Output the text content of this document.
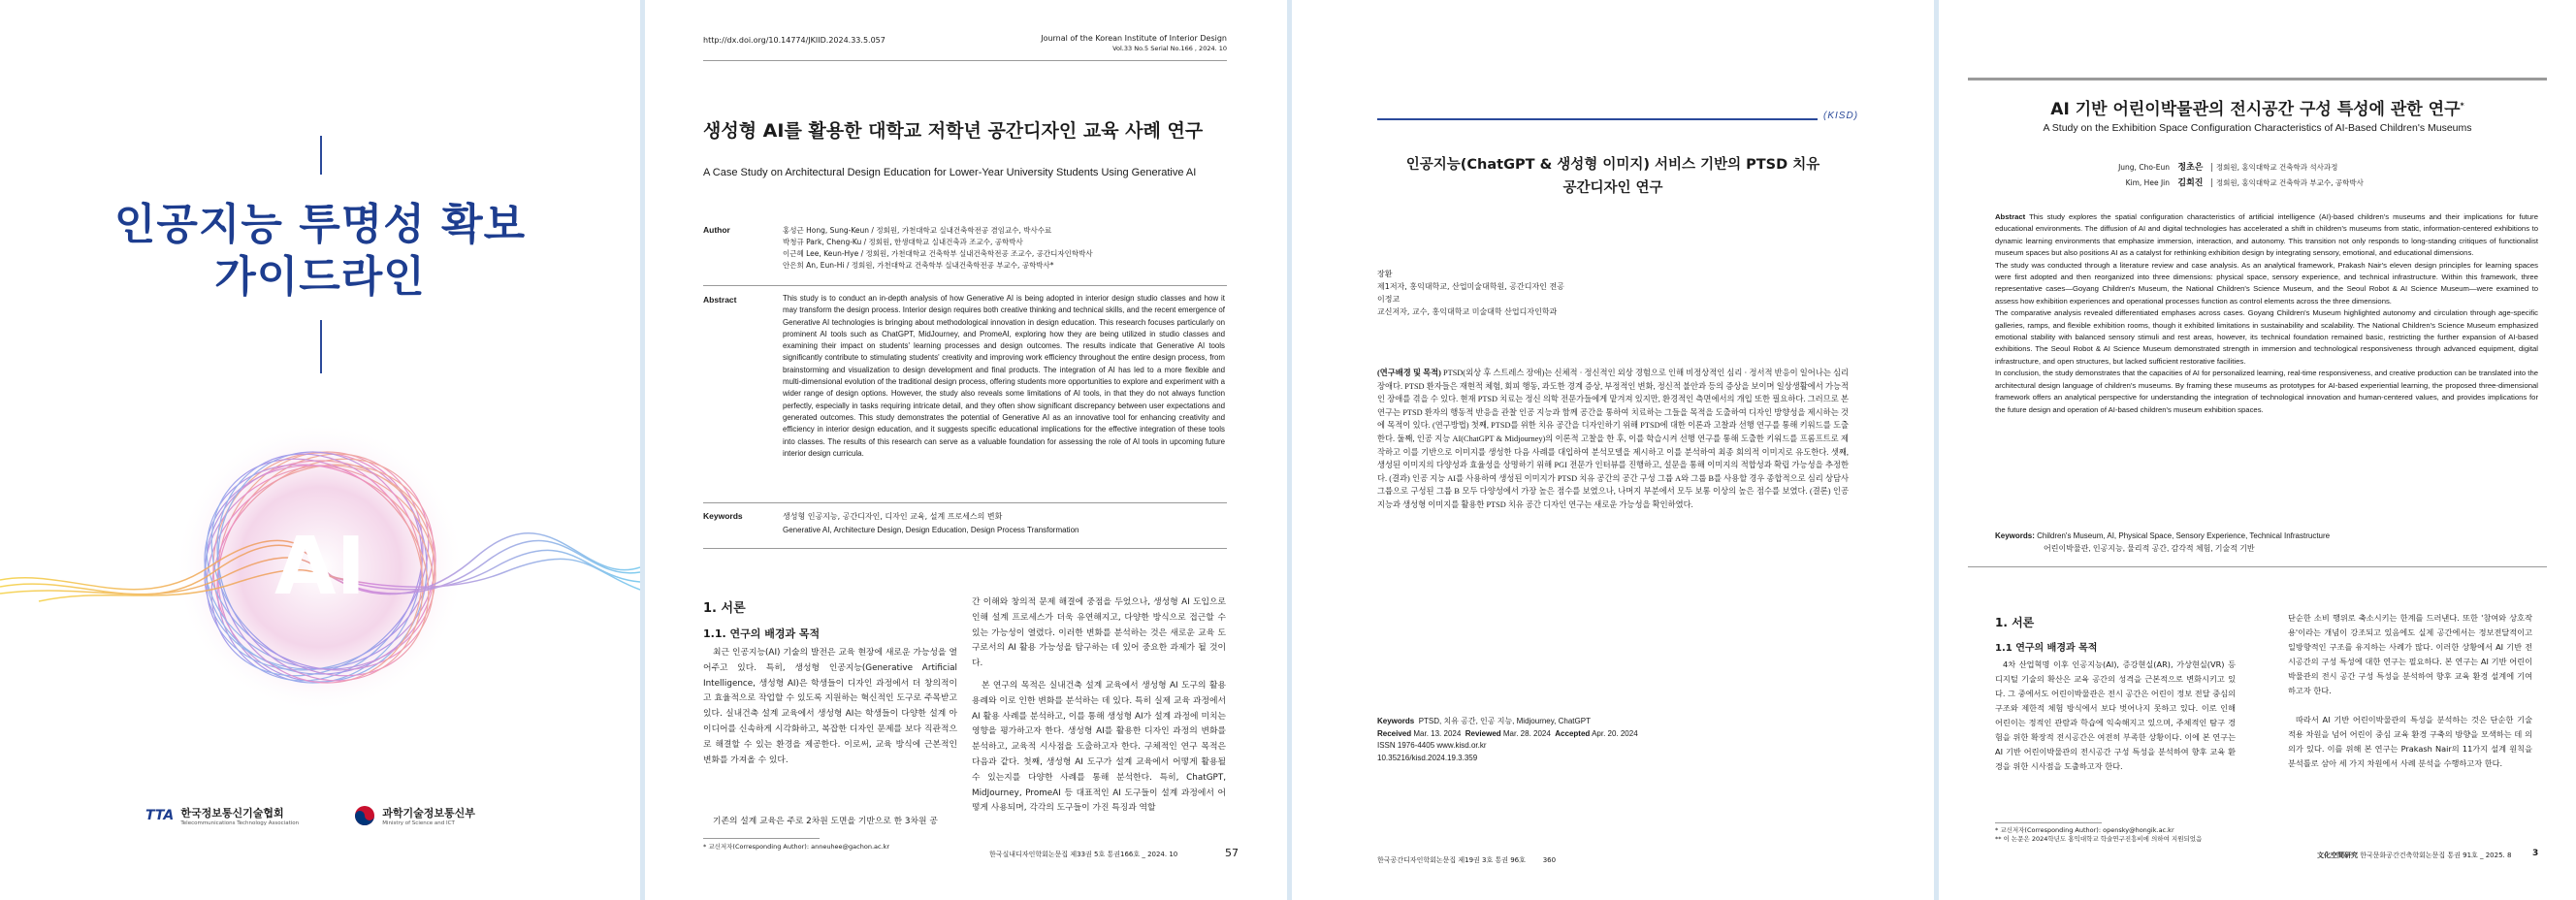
인공지능 투명성 확보
가이드라인
AI
TTA 한국정보통신기술협회
Telecommunications Technology Association

과학기술정보통신부
Ministry of Science and ICT
http://dx.doi.org/10.14774/JKIID.2024.33.5.057	Journal of the Korean Institute of Interior Design
Vol.33 No.5 Serial No.166 , 2024. 10
생성형 AI를 활용한 대학교 저학년 공간디자인 교육 사례 연구
A Case Study on Architectural Design Education for Lower-Year University Students Using Generative AI
Author	홍성근 Hong, Sung-Keun / 정회원, 가천대학교 실내건축학전공 겸임교수, 박사수료
박청규 Park, Cheng-Ku / 정회원, 한생대학교 실내건축과 조교수, 공학박사
이근혜 Lee, Keun-Hye / 정회원, 가천대학교 건축학부 실내건축학전공 조교수, 공간디자인학박사
안은희 An, Eun-Hi / 정회원, 가천대학교 건축학부 실내건축학전공 부교수, 공학박사*
Abstract	This study is to conduct an in-depth analysis of how Generative AI is being adopted in interior design studio classes and how it may transform the design process. Interior design requires both creative thinking and technical skills, and the recent emergence of Generative AI technologies is bringing about methodological innovation in design education. This research focuses particularly on prominent AI tools such as ChatGPT, MidJourney, and PromeAI, exploring how they are being utilized in studio classes and examining their impact on students' learning processes and design outcomes. The results indicate that Generative AI tools significantly contribute to stimulating students' creativity and improving work efficiency throughout the entire design process, from brainstorming and visualization to design development and final products. The integration of AI has led to a more flexible and multi-dimensional evolution of the traditional design process, offering students more opportunities to explore and experiment with a wider range of design options. However, the study also reveals some limitations of AI tools, in that they do not always function perfectly, especially in tasks requiring intricate detail, and they often show significant discrepancy between user expectations and generated outcomes. This study demonstrates the potential of Generative AI as an innovative tool for enhancing creativity and efficiency in interior design education, and it suggests specific educational implications for the effective integration of these tools into classes. The results of this research can serve as a valuable foundation for assessing the role of AI tools in upcoming future interior design curricula.
Keywords	생성형 인공지능, 공간디자인, 디자인 교육, 설계 프로세스의 변화
Generative AI, Architecture Design, Design Education, Design Process Transformation
1. 서론
1.1. 연구의 배경과 목적
최근 인공지능(AI) 기술의 발전은 교육 현장에 새로운 가능성을 열어주고 있다. 특히, 생성형 인공지능(Generative Artificial Intelligence, 생성형 AI)은 학생들이 디자인 과정에서 더 창의적이고 효율적으로 작업할 수 있도록 지원하는 혁신적인 도구로 주목받고 있다. 실내건축 설계 교육에서 생성형 AI는 학생들이 다양한 설계 아이디어를 신속하게 시각화하고, 복잡한 디자인 문제를 보다 직관적으로 해결할 수 있는 환경을 제공한다. 이로써, 교육 방식에 근본적인 변화를 가져올 수 있다.
기존의 설계 교육은 주로 2차원 도면을 기반으로 한 3차원 공
간 이해와 창의적 문제 해결에 중점을 두었으나, 생성형 AI 도입으로 인해 설계 프로세스가 더욱 유연해지고, 다양한 방식으로 접근할 수 있는 가능성이 열렸다. 이러한 변화를 분석하는 것은 새로운 교육 도구로서의 AI 활용 가능성을 탐구하는 데 있어 중요한 과제가 될 것이다.
본 연구의 목적은 실내건축 설계 교육에서 생성형 AI 도구의 활용 용례와 이로 인한 변화를 분석하는 데 있다. 특히 실제 교육 과정에서 AI 활용 사례를 분석하고, 이를 통해 생성형 AI가 설계 과정에 미치는 영향을 평가하고자 한다. 생성형 AI를 활용한 디자인 과정의 변화를 분석하고, 교육적 시사점을 도출하고자 한다. 구체적인 연구 목적은 다음과 같다. 첫째, 생성형 AI 도구가 설계 교육에서 어떻게 활용될 수 있는지를 다양한 사례를 통해 분석한다. 특히, ChatGPT, MidJourney, PromeAI 등 대표적인 AI 도구들이 설계 과정에서 어떻게 사용되며, 각각의 도구들이 가진 특징과 역할
* 교신저자(Corresponding Author): anneuhee@gachon.ac.kr
한국실내디자인학회논문집 제33권 5호 통권166호 _ 2024. 10	57
(KISD)
인공지능(ChatGPT & 생성형 이미지) 서비스 기반의 PTSD 치유
공간디자인 연구
장환
제1저자, 홍익대학교, 산업미술대학원, 공간디자인 전공
이정교
교신저자, 교수, 홍익대학교 미술대학 산업디자인학과
(연구배경 및 목적) PTSD(외상 후 스트레스 장애)는 신체적 · 정신적인 외상 경험으로 인해 비정상적인 심리 · 정서적 반응이 일어나는 심리 장애다. PTSD 환자들은 재현적 체험, 회피 행동, 과도한 경계 증상, 부정적인 변화, 정신적 불안과 등의 증상을 보이며 일상생활에서 가능적인 장애를 겪을 수 있다. 현재 PTSD 치료는 정신 의학 전문가들에게 맡겨져 있지만, 환경적인 측면에서의 개입 또한 필요하다. 그러므로 본 연구는 PTSD 환자의 행동적 반응을 관찰 인공 지능과 함께 공간을 통하여 치료하는 그들을 목적을 도출하여 디자인 방향성을 제시하는 것에 목적이 있다. (연구방법) 첫째, PTSD를 위한 치유 공간을 디자인하기 위해 PTSD에 대한 이론과 고찰과 선행 연구를 통해 키워드를 도출한다. 둘째, 인공 지능 AI(ChatGPT & Midjourney)의 이론적 고찰을 한 후, 이를 학습시켜 선행 연구를 통해 도출한 키워드를 프롬프트로 제작하고 이를 기반으로 이미지를 생성한 다음 사례를 대입하여 분석모델을 제시하고 이를 분석하여 최종 회의적 이미지로 유도한다. 셋째, 생성된 이미지의 다양성과 효율성을 상명하기 위해 PGI 전문가 인터뷰를 진행하고, 설문을 통해 이미지의 적합성과 확립 가능성을 추정한다. (결과) 인공 지능 AI를 사용하여 생성된 이미지가 PTSD 치유 공간의 공간 구성 그룹 A와 그룹 B를 사용할 경우 종합적으로 심리 상담사 그룹으로 구성된 그룹 B 모두 다양성에서 가장 높은 점수를 보였으나, 나머지 부분에서 모두 보통 이상의 높은 점수를 보였다. (결론) 인공지능과 생성형 이미지를 활용한 PTSD 치유 공간 디자인 연구는 새로운 가능성을 확인하였다.
Keywords PTSD, 치유 공간, 인공 지능, Midjourney, ChatGPT
Received Mar. 13. 2024 Reviewed Mar. 28. 2024 Accepted Apr. 20. 2024
ISSN 1976-4405 www.kisd.or.kr
10.35216/kisd.2024.19.3.359
한국공간디자인학회논문집 제19권 3호 통권 96호	360
AI 기반 어린이박물관의 전시공간 구성 특성에 관한 연구*
A Study on the Exhibition Space Configuration Characteristics of AI-Based Children's Museums
Jung, Cho-Eun 정초은 정회원, 홍익대학교 건축학과 석사과정
Kim, Hee Jin 김희진 정회원, 홍익대학교 건축학과 부교수, 공학박사
Abstract This study explores the spatial configuration characteristics of artificial intelligence (AI)-based children's museums and their implications for future educational environments. The diffusion of AI and digital technologies has accelerated a shift in children's museums from static, information-centered exhibitions to dynamic learning environments that emphasize immersion, interaction, and autonomy. This transition not only responds to long-standing critiques of functionalist museum spaces but also positions AI as a catalyst for rethinking exhibition design by integrating sensory, emotional, and educational dimensions.
The study was conducted through a literature review and case analysis. As an analytical framework, Prakash Nair's eleven design principles for learning spaces were first adopted and then reorganized into three dimensions: physical space, sensory experience, and technical infrastructure. Within this framework, three representative cases—Goyang Children's Museum, the National Children's Science Museum, and the Seoul Robot & AI Science Museum—were examined to assess how exhibition experiences and operational processes function as control elements across the three dimensions.
The comparative analysis revealed differentiated emphases across cases. Goyang Children's Museum highlighted autonomy and circulation through age-specific galleries, ramps, and flexible exhibition rooms, though it exhibited limitations in sustainability and scalability. The National Children's Science Museum emphasized emotional stability with balanced sensory stimuli and rest areas, however, its technical foundation remained basic, restricting the further expansion of AI-based exhibitions. The Seoul Robot & AI Science Museum demonstrated strength in immersion and technological responsiveness through advanced equipment, digital infrastructure, and open structures, but lacked sufficient restorative facilities.
In conclusion, the study demonstrates that the capacities of AI for personalized learning, real-time responsiveness, and creative production can be translated into the architectural design language of children's museums. By framing these museums as prototypes for AI-based experiential learning, the proposed three-dimensional framework offers an analytical perspective for understanding the integration of technological innovation and human-centered values, and provides implications for the future design and operation of AI-based children's museum exhibition spaces.
Keywords: Children's Museum, AI, Physical Space, Sensory Experience, Technical Infrastructure
어린이박물관, 인공지능, 물리적 공간, 감각적 체험, 기술적 기반
1. 서론
1.1 연구의 배경과 목적
4차 산업혁명 이후 인공지능(AI), 증강현실(AR), 가상현실(VR) 등 디지털 기술의 확산은 교육 공간의 성격을 근본적으로 변화시키고 있다. 그 중에서도 어린이박물관은 전시 공간은 어린이 정보 전달 중심의 구조와 제한적 체험 방식에서 보다 벗어나지 못하고 있다. 이로 인해 어린이는 정적인 관람과 학습에 익숙해지고 있으며, 주체적인 탐구 경험을 위한 확장적 전시공간은 여전히 부족한 상황이다. 이에 본 연구는 AI 기반 어린이박물관의 전시공간 구성 특성을 분석하여 향후 교육 환경을 위한 시사점을 도출하고자 한다.
단순한 소비 행위로 축소시키는 한계를 드러낸다. 또한 '참여와 상호작용'이라는 개념이 강조되고 있음에도 실제 공간에서는 정보전달적이고 일방향적인 구조를 유지하는 사례가 많다. 이러한 상황에서 AI 기반 전시공간의 구성 특성에 대한 연구는 필요하다. 본 연구는 AI 기반 어린이박물관의 전시 공간 구성 특성을 분석하여 향후 교육 환경 설계에 기여하고자 한다.
따라서 AI 기반 어린이박물관의 특성을 분석하는 것은 단순한 기술 적용 차원을 넘어 어린이 중심 교육 환경 구축의 방향을 모색하는 데 의의가 있다. 이를 위해 본 연구는 Prakash Nair의 11가지 설계 원칙을 분석틀로 삼아 세 가지 차원에서 사례 분석을 수행하고자 한다.
* 교신저자(Corresponding Author): opensky@hongik.ac.kr
** 이 논문은 2024학년도 홍익대학교 학술연구진흥비에 의하여 지원되었음
文化空間研究 한국문화공간건축학회논문집 통권 91호 _ 2025. 8 3
